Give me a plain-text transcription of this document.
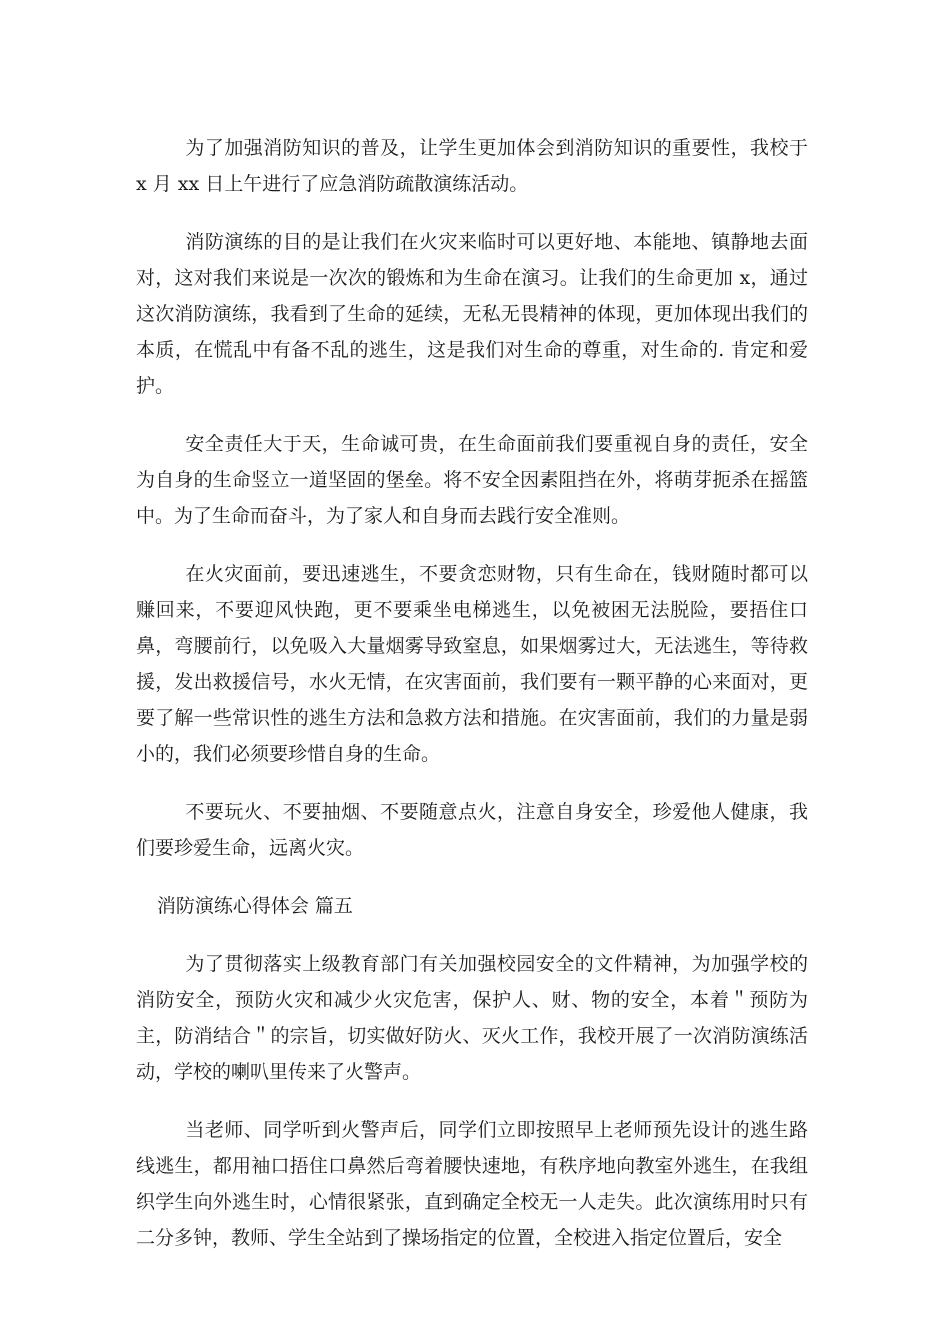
为了加强消防知识的普及，让学生更加体会到消防知识的重要性，我校于 x 月 xx 日上午进行了应急消防疏散演练活动。

消防演练的目的是让我们在火灾来临时可以更好地、本能地、镇静地去面对，这对我们来说是一次次的锻炼和为生命在演习。让我们的生命更加 x，通过这次消防演练，我看到了生命的延续，无私无畏精神的体现，更加体现出我们的本质，在慌乱中有备不乱的逃生，这是我们对生命的尊重，对生命的. 肯定和爱护。

安全责任大于天，生命诚可贵，在生命面前我们要重视自身的责任，安全为自身的生命竖立一道坚固的堡垒。将不安全因素阻挡在外，将萌芽扼杀在摇篮中。为了生命而奋斗，为了家人和自身而去践行安全准则。

在火灾面前，要迅速逃生，不要贪恋财物，只有生命在，钱财随时都可以赚回来，不要迎风快跑，更不要乘坐电梯逃生，以免被困无法脱险，要捂住口鼻，弯腰前行，以免吸入大量烟雾导致窒息，如果烟雾过大，无法逃生，等待救援，发出救援信号，水火无情，在灾害面前，我们要有一颗平静的心来面对，更要了解一些常识性的逃生方法和急救方法和措施。在灾害面前，我们的力量是弱小的，我们必须要珍惜自身的生命。

不要玩火、不要抽烟、不要随意点火，注意自身安全，珍爱他人健康，我们要珍爱生命，远离火灾。

消防演练心得体会 篇五

为了贯彻落实上级教育部门有关加强校园安全的文件精神，为加强学校的消防安全，预防火灾和减少火灾危害，保护人、财、物的安全，本着＂预防为主，防消结合＂的宗旨，切实做好防火、灭火工作，我校开展了一次消防演练活动，学校的喇叭里传来了火警声。

当老师、同学听到火警声后，同学们立即按照早上老师预先设计的逃生路线逃生，都用袖口捂住口鼻然后弯着腰快速地，有秩序地向教室外逃生，在我组织学生向外逃生时，心情很紧张，直到确定全校无一人走失。此次演练用时只有二分多钟，教师、学生全站到了操场指定的位置，全校进入指定位置后，安全
